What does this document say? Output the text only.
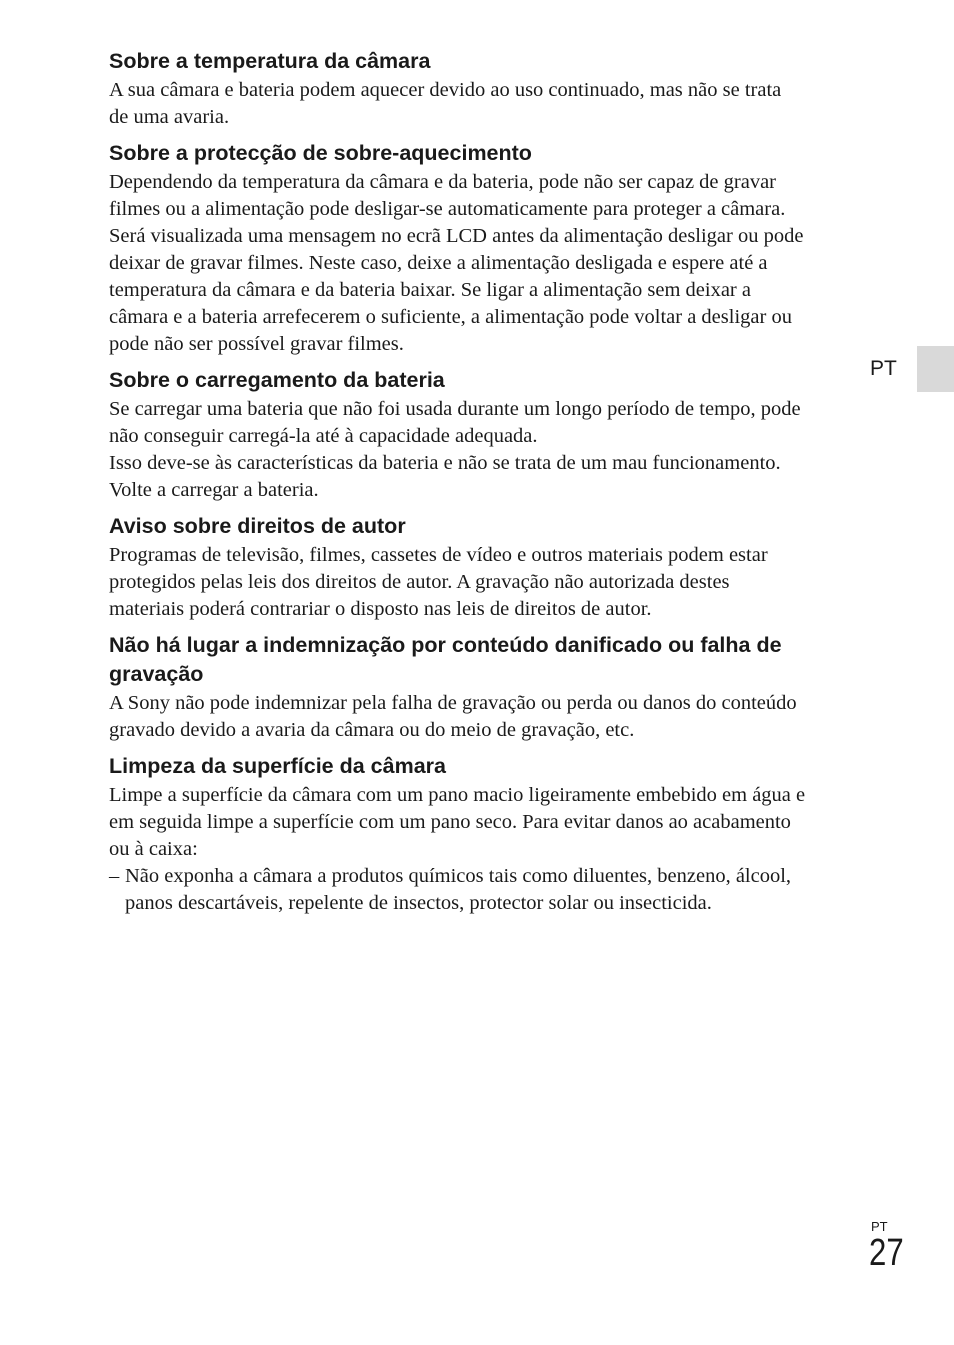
PT
Sobre a temperatura da câmara
A sua câmara e bateria podem aquecer devido ao uso continuado, mas não se trata
de uma avaria.
Sobre a protecção de sobre-aquecimento
Dependendo da temperatura da câmara e da bateria, pode não ser capaz de gravar
filmes ou a alimentação pode desligar-se automaticamente para proteger a câmara.
Será visualizada uma mensagem no ecrã LCD antes da alimentação desligar ou pode
deixar de gravar filmes. Neste caso, deixe a alimentação desligada e espere até a
temperatura da câmara e da bateria baixar. Se ligar a alimentação sem deixar a
câmara e a bateria arrefecerem o suficiente, a alimentação pode voltar a desligar ou
pode não ser possível gravar filmes.
Sobre o carregamento da bateria
Se carregar uma bateria que não foi usada durante um longo período de tempo, pode
não conseguir carregá-la até à capacidade adequada.
Isso deve-se às características da bateria e não se trata de um mau funcionamento.
Volte a carregar a bateria.
Aviso sobre direitos de autor
Programas de televisão, filmes, cassetes de vídeo e outros materiais podem estar
protegidos pelas leis dos direitos de autor. A gravação não autorizada destes
materiais poderá contrariar o disposto nas leis de direitos de autor.
Não há lugar a indemnização por conteúdo danificado ou falha de
gravação
A Sony não pode indemnizar pela falha de gravação ou perda ou danos do conteúdo
gravado devido a avaria da câmara ou do meio de gravação, etc.
Limpeza da superfície da câmara
Limpe a superfície da câmara com um pano macio ligeiramente embebido em água e
em seguida limpe a superfície com um pano seco. Para evitar danos ao acabamento
ou à caixa:
– Não exponha a câmara a produtos químicos tais como diluentes, benzeno, álcool,
panos descartáveis, repelente de insectos, protector solar ou insecticida.
PT
27
